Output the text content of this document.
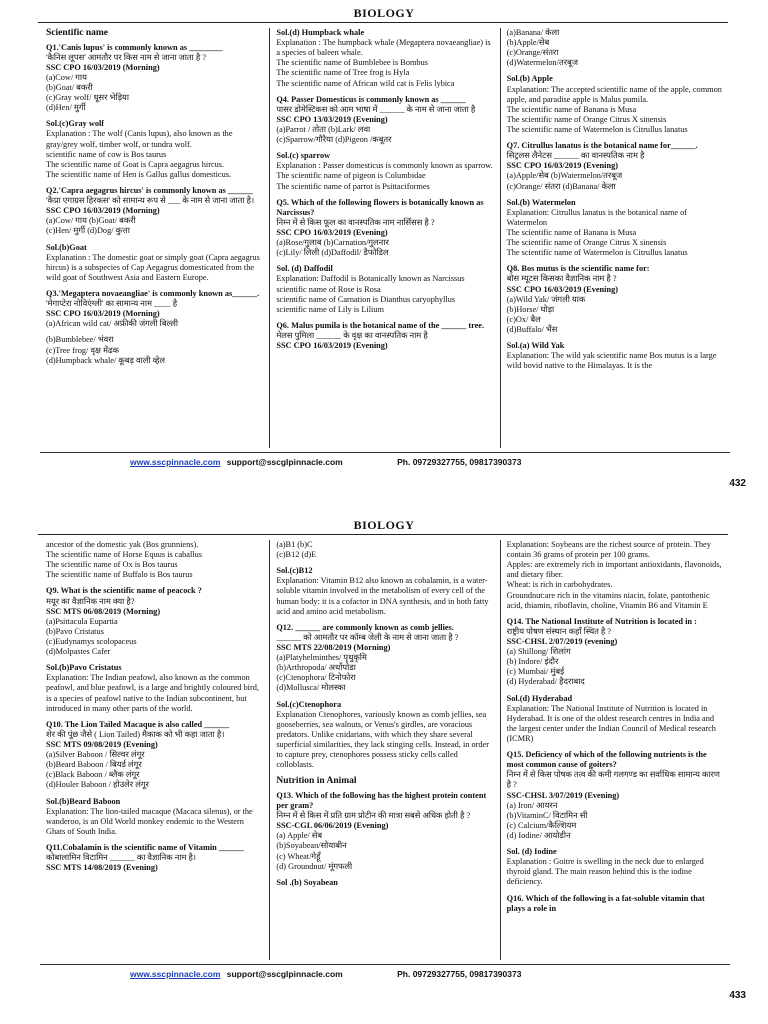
BIOLOGY
Scientific name
Q1.'Canis lupus' is commonly known as ________
'कैनिस लूपस' आमतौर पर किस नाम से जाना जाता है ?
SSC CPO 16/03/2019 (Morning)
(a)Cow/ गाय
(b)Goat/ बकरी
(c)Gray wolf/ धूसर भेड़िया
(d)Hen/ मुर्गी
Sol.(c)Gray wolf
Explanation : The wolf (Canis lupus), also known as the gray/grey wolf, timber wolf, or tundra wolf.
scientific name of cow is Bos taurus
The scientific name of Goat is Capra aegagrus hircus.
The scientific name of Hen is Gallus gallus domesticus.
Q2.'Capra aegagrus hircus' is commonly known as ______
'कैप्रा एगाग्रस हिरकस' को सामान्य रूप से ___ के नाम से जाना जाता है।
SSC CPO 16/03/2019 (Morning)
(a)Cow/ गाय (b)Goat/ बकरी
(c)Hen/ मुर्गी (d)Dog/ कुत्ता
Sol.(b)Goat
Explanation : The domestic goat or simply goat (Capra aegagrus hircus) is a subspecies of Cap Aegagrus domesticated from the wild goat of Southwest Asia and Eastern Europe.
Q3.'Megaptera novaeangliae' is commonly known as______.
'मेगाप्टेरा नोविएंग्ली' का सामान्य नाम ____ है
SSC CPO 16/03/2019 (Morning)
(a)African wild cat/ अफ्रीकी जंगली बिल्ली
(b)Bumblebee/ भंवरा
(c)Tree frog/ वृक्ष मेंढक
(d)Humpback whale/ कूबड़ वाली व्हेल
Sol.(d) Humpback whale
Explanation : The humpback whale (Megaptera novaeangliae) is a species of baleen whale.
The scientific name of Bumblebee is Bombus
The scientific name of Tree frog is Hyla
The scientific name of African wild cat is Felis lybica
Q4. Passer Domesticus is commonly known as ______
पासर डोमेस्टिकस को आम भाषा में ______ के नाम से जाना जाता है
SSC CPO 13/03/2019 (Evening)
(a)Parrot / तोता (b)Lark/ लवा
(c)Sparrow/गौरैया (d)Pigeon /कबूतर
Sol.(c) sparrow
Explanation : Passer domesticus is commonly known as sparrow.
The scientific name of pigeon is Columbidae
The scientific name of parrot is Psittaciformes
Q5. Which of the following flowers is botanically known as Narcissus?
निम्न में से किस फूल का वानस्पतिक नाम नार्सिसस है ?
SSC CPO 16/03/2019 (Evening)
(a)Rose/गुलाब (b)Carnation/गुलनार
(c)Lily/ लिली (d)Daffodil/ डैफोडिल
Sol. (d) Daffodil
Explanation: Daffodil is Botanically known as Narcissus
scientific name of Rose is Rosa
scientific name of Carnation is Dianthus caryophyllus
scientific name of Lily is Lilium
Q6. Malus pumila is the botanical name of the ______ tree.
मेलस पुमिला ______ के वृक्ष का वानस्पतिक नाम है
SSC CPO 16/03/2019 (Evening)
(a)Banana/ केला
(b)Apple/सेब
(c)Orange/संतरा
(d)Watermelon/तरबूज
Sol.(b) Apple
Explanation: The accepted scientific name of the apple, common apple, and paradise apple is Malus pumila.
The scientific name of Banana is Musa
The scientific name of Orange Citrus X sinensis
The scientific name of Watermelon is Citrullus lanatus
Q7. Citrullus lanatus is the botanical name for______.
सिट्रलस लैनेटस ______ का वानस्पतिक नाम है
SSC CPO 16/03/2019 (Evening)
(a)Apple/सेब (b)Watermelon/तरबूज
(c)Orange/ संतरा (d)Banana/ केला
Sol.(b) Watermelon
Explanation: Citrullus lanatus is the botanical name of Watermelon
The scientific name of Banana is Musa
The scientific name of Orange Citrus X sinensis
The scientific name of Watermelon is Citrullus lanatus
Q8. Bos mutus is the scientific name for:
बोस म्यूटस किसका वैज्ञानिक नाम है ?
SSC CPO 16/03/2019 (Evening)
(a)Wild Yak/ जंगली याक
(b)Horse/ घोड़ा
(c)Ox/ बैल
(d)Buffalo/ भैंस
Sol.(a) Wild Yak
Explanation: The wild yak scientific name Bos mutus is a large wild bovid native to the Himalayas. It is the
www.sscpinnacle.com support@sscglpinnacle.com	Ph. 09729327755, 09817390373
432
BIOLOGY
ancestor of the domestic yak (Bos grunniens).
The scientific name of Horse Equus is caballus
The scientific name of Ox is Bos taurus
The scientific name of Buffalo is Bos taurus
Q9. What is the scientific name of peacock ?
मयूर का वैज्ञानिक नाम क्या है?
SSC MTS 06/08/2019 (Morning)
(a)Psittacula Eupartia
(b)Pavo Cristatus
(c)Eudynamys scolopaceus
(d)Molpastes Cafer
Sol.(b)Pavo Cristatus
Explanation: The Indian peafowl, also known as the common peafowl, and blue peafowl, is a large and brightly coloured bird, is a species of peafowl native to the Indian subcontinent, but introduced in many other parts of the world.
Q10. The Lion Tailed Macaque is also called ______
शेर की पूंछ जैसे ( Lion Tailed) मैकाक को भी कहा जाता है।
SSC MTS 09/08/2019 (Evening)
(a)Silver Baboon / सिल्वर लंगूर
(b)Beard Baboon / बियर्ड लंगूर
(c)Black Baboon / ब्लैक लंगूर
(d)Houler Baboon / होउलेर लंगूर
Sol.(b)Beard Baboon
Explanation: The lion-tailed macaque (Macaca silenus), or the wanderoo, is an Old World monkey endemic to the Western Ghats of South India.
Q11.Cobalamin is the scientific name of Vitamin ______
कोबालामिन विटामिन ______ का वैज्ञानिक नाम है।
SSC MTS 14/08/2019 (Evening)
(a)B1 (b)C
(c)B12 (d)E
Sol.(c)B12
Explanation: Vitamin B12 also known as cobalamin, is a water-soluble vitamin involved in the metabolism of every cell of the human body: it is a cofactor in DNA synthesis, and in both fatty acid and amino acid metabolism.
Q12. ______ are commonly known as comb jellies.
______ को आमतौर पर कॉम्ब जेली के नाम से जाना जाता है ?
SSC MTS 22/08/2019 (Morning)
(a)Platyhelminthes/ पृथुकृमि
(b)Arthropoda/ अर्थोपोडा
(c)Ctenophora/ टिनोफोरा
(d)Mollusca/ मोलस्का
Sol.(c)Ctenophora
Explanation Ctenophores, variously known as comb jellies, sea gooseberries, sea walnuts, or Venus's girdles, are voracious predators. Unlike cnidarians, with which they share several superficial similarities, they lack stinging cells. Instead, in order to capture prey, ctenophores possess sticky cells called colloblasts.
Nutrition in Animal
Q13. Which of the following has the highest protein content per gram?
निम्न में से किस में प्रति ग्राम प्रोटीन की मात्रा सबसे अधिक होती है ?
SSC-CGL 06/06/2019 (Evening)
(a) Apple/ सेब
(b)Soyabean/सोयाबीन
(c) Wheat/गेहूँ
(d) Groundnut/ मूंगफली
Sol .(b) Soyabean
Explanation: Soybeans are the richest source of protein. They contain 36 grams of protein per 100 grams.
Apples: are extremely rich in important antioxidants, flavonoids, and dietary fiber.
Wheat: is rich in carbohydrates.
Groundnut:are rich in the vitamins niacin, folate, pantothenic acid, thiamin, riboflavin, choline, Vitamin B6 and Vitamin E
Q14. The National Institute of Nutrition is located in :
राष्ट्रीय पोषण संस्थान कहाँ स्थित है ?
SSC-CHSL 2/07/2019 (evening)
(a) Shillong/ शिलांग
(b) Indore/ इंदौर
(c) Mumbai/ मुंबई
(d) Hyderabad/ हैदराबाद
Sol.(d) Hyderabad
Explanation: The National Institute of Nutrition is located in Hyderabad. It is one of the oldest research centres in India and the largest center under the Indian Council of Medical research (ICMR)
Q15. Deficiency of which of the following nutrients is the most common cause of goiters?
निम्न में से किस पोषक तत्व की कमी गलगण्ड का सर्वाधिक सामान्य कारण है ?
SSC-CHSL 3/07/2019 (Evening)
(a) Iron/ आयरन
(b)VitaminC/ विटामिन सी
(c) Calcium/कैल्शियम
(d) Iodine/ आयोडीन
Sol. (d) Iodine
Explanation : Goitre is swelling in the neck due to enlarged thyroid gland. The main reason behind this is the iodine deficiency.
Q16. Which of the following is a fat-soluble vitamin that plays a role in
www.sscpinnacle.com support@sscglpinnacle.com	Ph. 09729327755, 09817390373
433
